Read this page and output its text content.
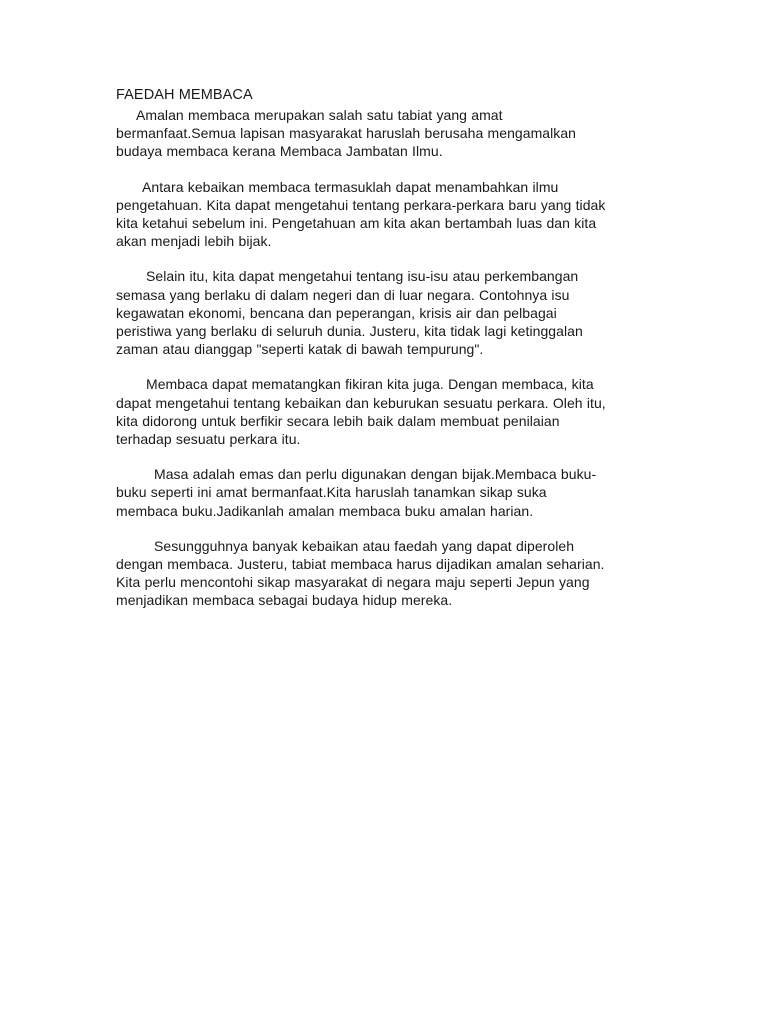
FAEDAH MEMBACA
Amalan membaca merupakan salah satu tabiat yang amat
bermanfaat.Semua lapisan masyarakat haruslah berusaha mengamalkan
budaya membaca kerana Membaca Jambatan Ilmu.
Antara kebaikan membaca termasuklah dapat menambahkan ilmu
pengetahuan. Kita dapat mengetahui tentang perkara-perkara baru yang tidak
kita ketahui sebelum ini. Pengetahuan am kita akan bertambah luas dan kita
akan menjadi lebih bijak.
Selain itu, kita dapat mengetahui tentang isu-isu atau perkembangan
semasa yang berlaku di dalam negeri dan di luar negara. Contohnya isu
kegawatan ekonomi, bencana dan peperangan, krisis air dan pelbagai
peristiwa yang berlaku di seluruh dunia. Justeru, kita tidak lagi ketinggalan
zaman atau dianggap "seperti katak di bawah tempurung".
Membaca dapat mematangkan fikiran kita juga. Dengan membaca, kita
dapat mengetahui tentang kebaikan dan keburukan sesuatu perkara. Oleh itu,
kita didorong untuk berfikir secara lebih baik dalam membuat penilaian
terhadap sesuatu perkara itu.
Masa adalah emas dan perlu digunakan dengan bijak.Membaca buku-
buku seperti ini amat bermanfaat.Kita haruslah tanamkan sikap suka
membaca buku.Jadikanlah amalan membaca buku amalan harian.
Sesungguhnya banyak kebaikan atau faedah yang dapat diperoleh
dengan membaca. Justeru, tabiat membaca harus dijadikan amalan seharian.
Kita perlu mencontohi sikap masyarakat di negara maju seperti Jepun yang
menjadikan membaca sebagai budaya hidup mereka.
